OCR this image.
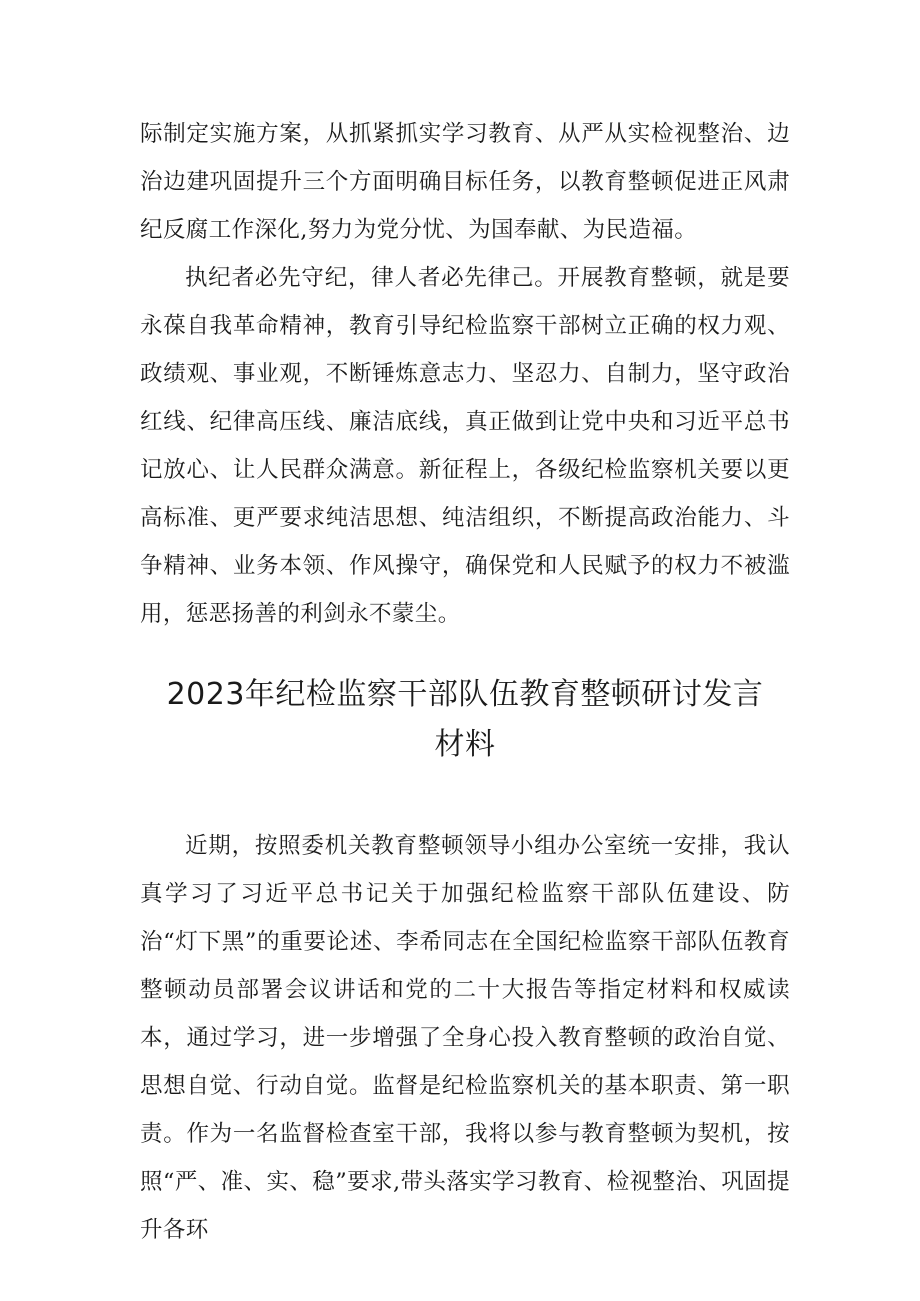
际制定实施方案，从抓紧抓实学习教育、从严从实检视整治、边治边建巩固提升三个方面明确目标任务，以教育整顿促进正风肃纪反腐工作深化,努力为党分忧、为国奉献、为民造福。

执纪者必先守纪，律人者必先律己。开展教育整顿，就是要永葆自我革命精神，教育引导纪检监察干部树立正确的权力观、政绩观、事业观，不断锤炼意志力、坚忍力、自制力，坚守政治红线、纪律高压线、廉洁底线，真正做到让党中央和习近平总书记放心、让人民群众满意。新征程上，各级纪检监察机关要以更高标准、更严要求纯洁思想、纯洁组织，不断提高政治能力、斗争精神、业务本领、作风操守，确保党和人民赋予的权力不被滥用，惩恶扬善的利剑永不蒙尘。

2023年纪检监察干部队伍教育整顿研讨发言
材料

近期，按照委机关教育整顿领导小组办公室统一安排，我认真学习了习近平总书记关于加强纪检监察干部队伍建设、防治“灯下黑”的重要论述、李希同志在全国纪检监察干部队伍教育整顿动员部署会议讲话和党的二十大报告等指定材料和权威读本，通过学习，进一步增强了全身心投入教育整顿的政治自觉、思想自觉、行动自觉。监督是纪检监察机关的基本职责、第一职责。作为一名监督检查室干部，我将以参与教育整顿为契机，按照“严、准、实、稳”要求,带头落实学习教育、检视整治、巩固提升各环
